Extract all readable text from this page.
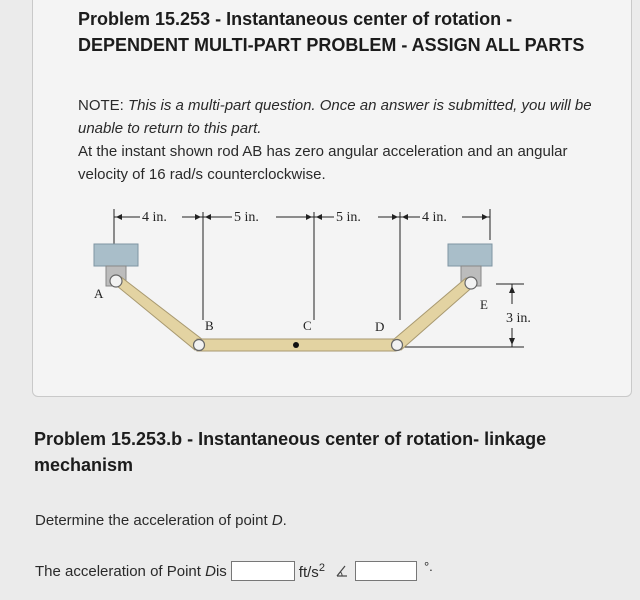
Problem 15.253 - Instantaneous center of rotation - DEPENDENT MULTI-PART PROBLEM - ASSIGN ALL PARTS
NOTE: This is a multi-part question. Once an answer is submitted, you will be unable to return to this part.
At the instant shown rod AB has zero angular acceleration and an angular velocity of 16 rad/s counterclockwise.
4 in.	5 in.	5 in.	4 in.
3 in.
A
B	C	D
E
Problem 15.253.b - Instantaneous center of rotation- linkage mechanism
Determine the acceleration of point D.
The acceleration of Point
D is	$ft/s^2$	°.
